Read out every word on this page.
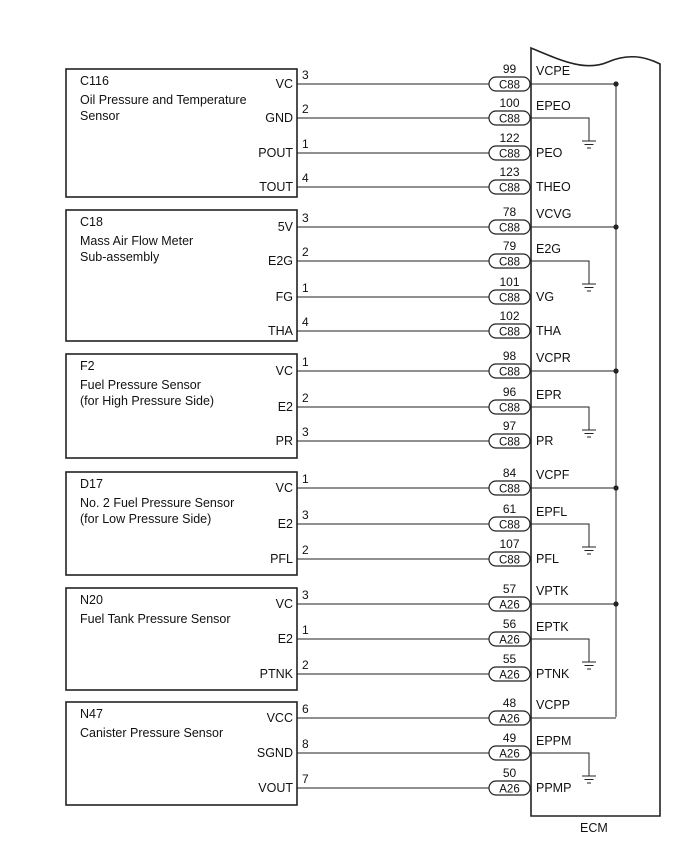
ECM
C116
Oil Pressure and Temperature
Sensor
VC
3	99
C88
VCPE
GND
2	100
C88
EPEO
POUT
1	122
C88 PEO
TOUT
4	123
C88 THEO
C18
Mass Air Flow Meter
Sub-assembly
5V
3	78
C88
VCVG
E2G
2	79
C88
E2G
FG
1	101
C88 VG
THA
4	102
C88 THA
F2
Fuel Pressure Sensor
(for High Pressure Side)
VC
1	98
C88
VCPR
E2
2	96
C88
EPR
PR
3	97
C88 PR
D17
No. 2 Fuel Pressure Sensor
(for Low Pressure Side)
VC
1	84
C88
VCPF
E2
3	61
C88
EPFL
PFL
2	107
C88 PFL
N20
Fuel Tank Pressure Sensor
VC
3	57
A26
VPTK
E2
1	56
A26
EPTK
PTNK
2	55
A26 PTNK
N47
Canister Pressure Sensor
VCC
6	48
A26
VCPP
SGND
8	49
A26
EPPM
VOUT
7	50
A26 PPMP
